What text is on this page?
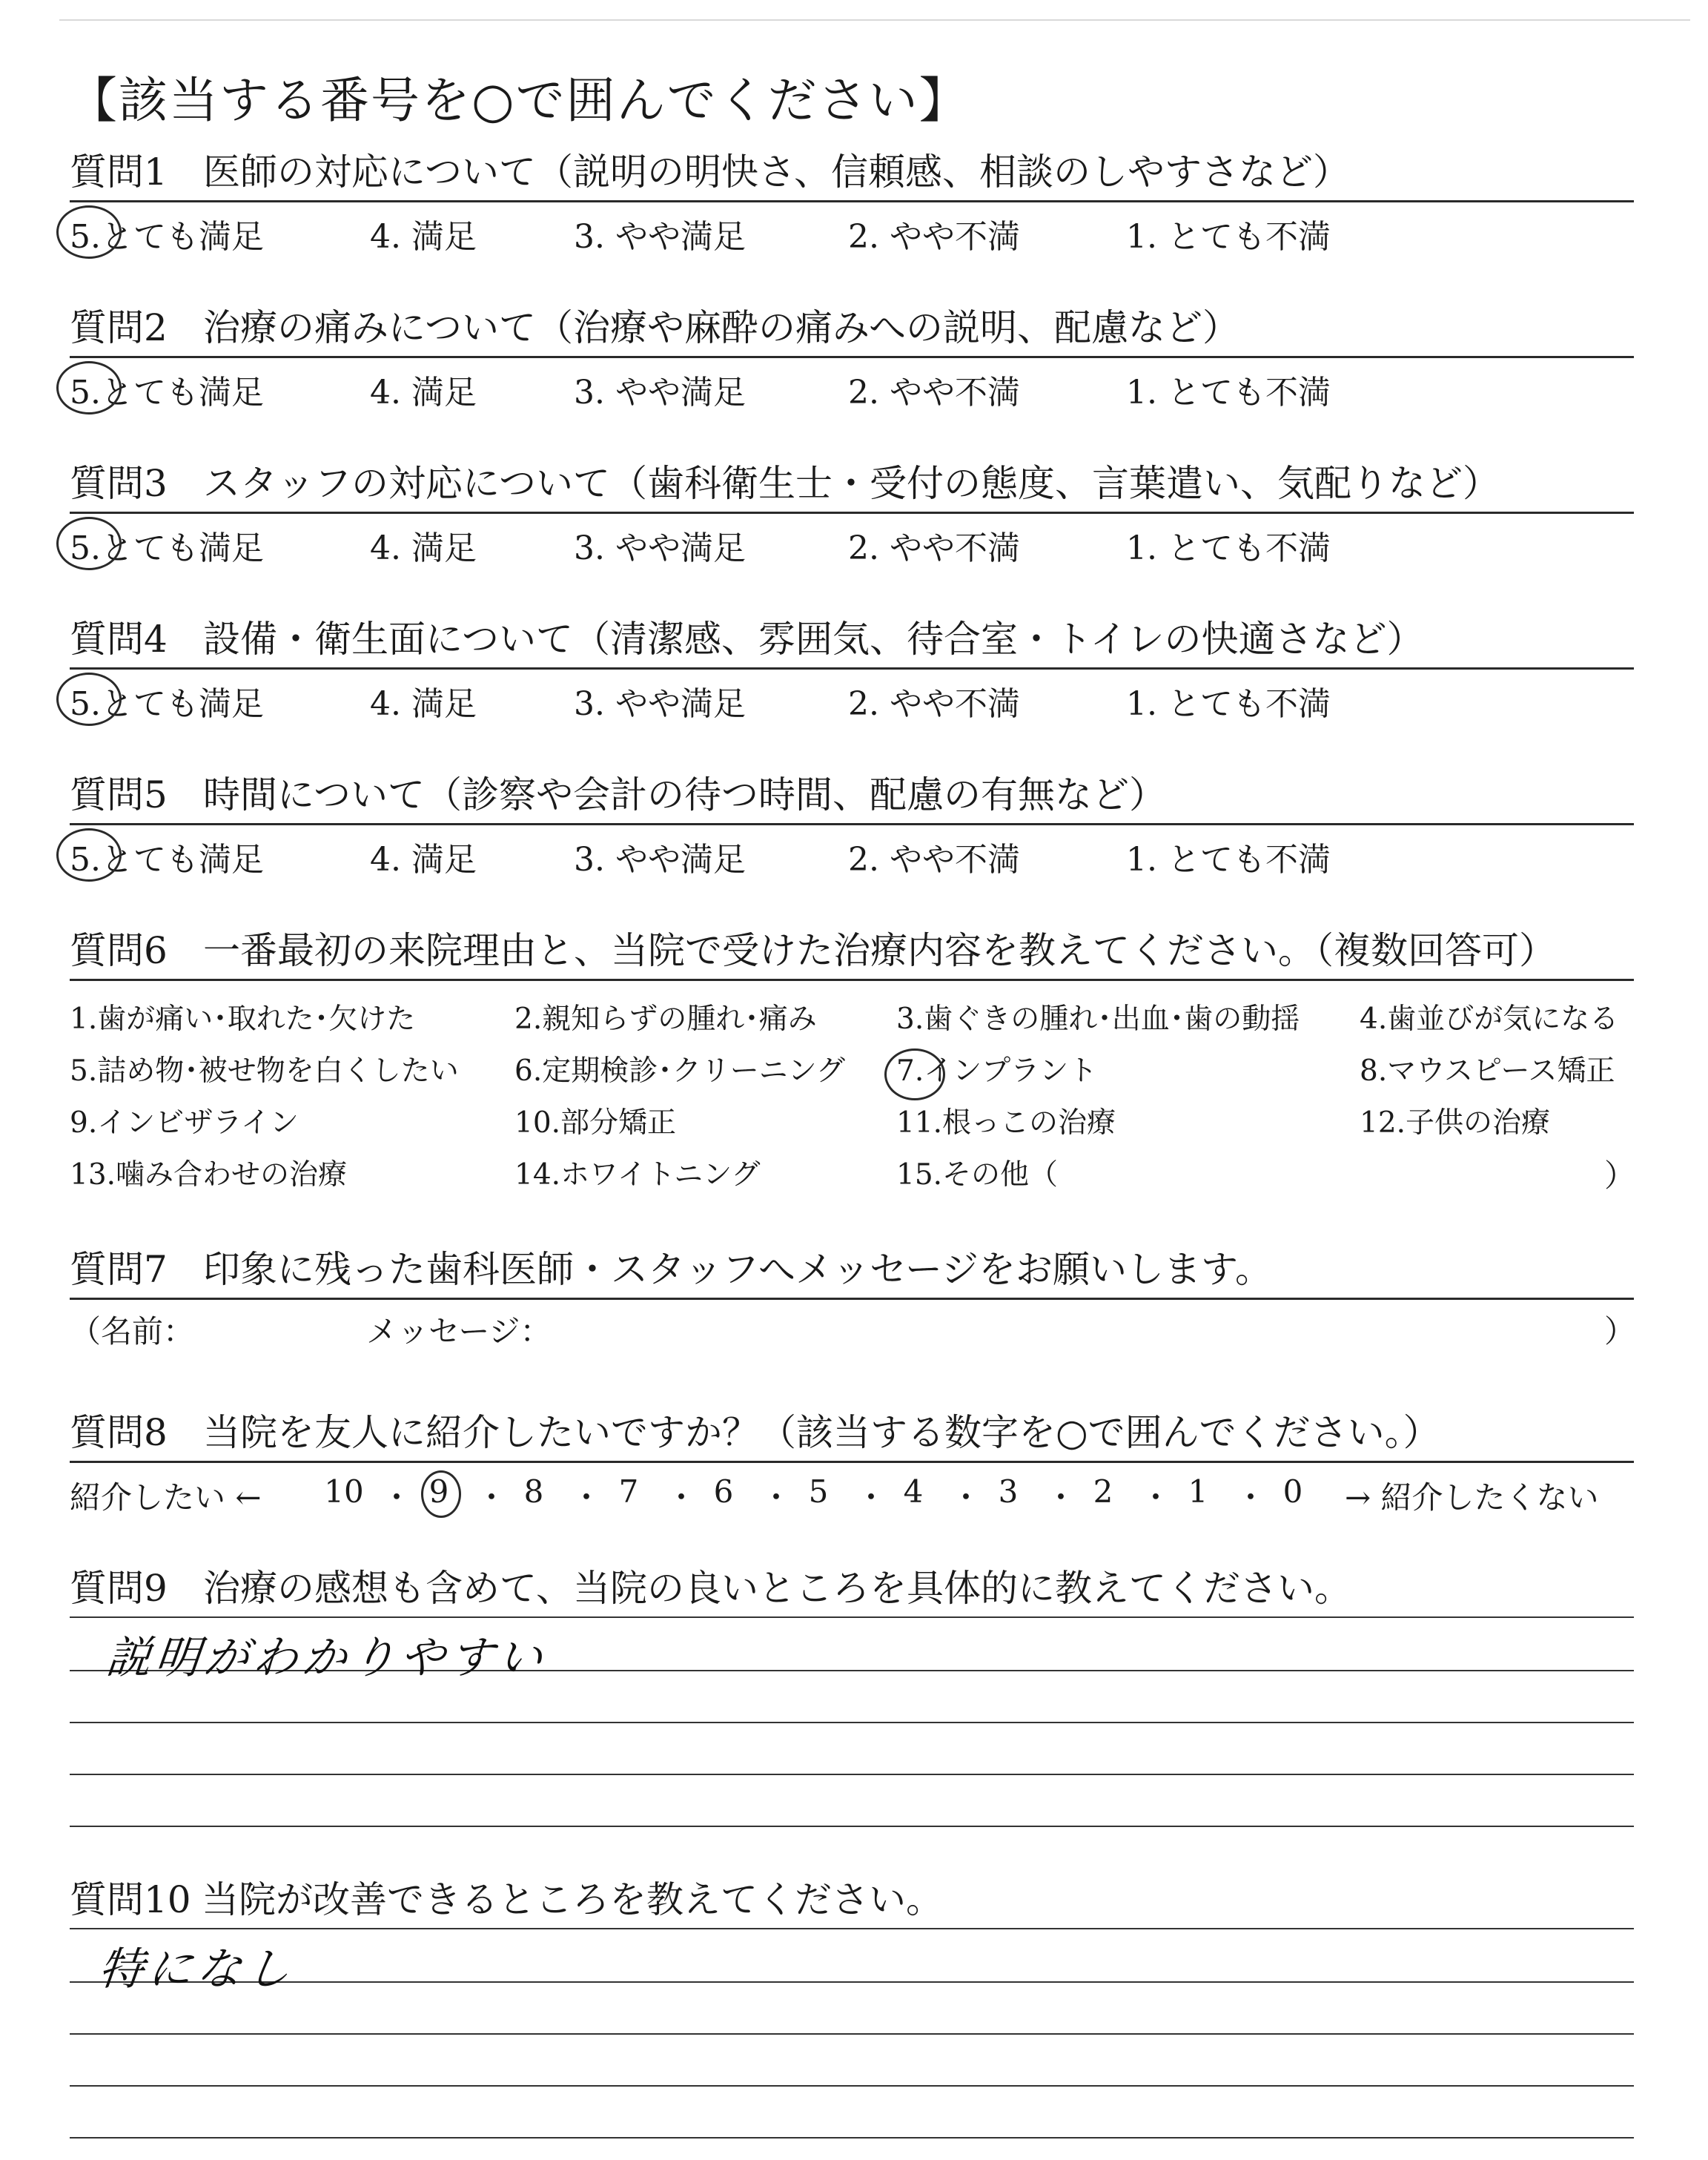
【該当する番号を○で囲んでください】
質問1 医師の対応について（説明の明快さ、信頼感、相談のしやすさなど）
5.とても満足	4. 満足	3. やや満足	2. やや不満	1. とても不満
質問2 治療の痛みについて（治療や麻酔の痛みへの説明、配慮など）
5.とても満足	4. 満足	3. やや満足	2. やや不満	1. とても不満
質問3 スタッフの対応について（歯科衛生士・受付の態度、言葉遣い、気配りなど）
5.とても満足	4. 満足	3. やや満足	2. やや不満	1. とても不満
質問4 設備・衛生面について（清潔感、雰囲気、待合室・トイレの快適さなど）
5.とても満足	4. 満足	3. やや満足	2. やや不満	1. とても不満
質問5 時間について（診察や会計の待つ時間、配慮の有無など）
5.とても満足	4. 満足	3. やや満足	2. やや不満	1. とても不満
質問6 一番最初の来院理由と、当院で受けた治療内容を教えてください。（複数回答可）
1.歯が痛い･取れた･欠けた	2.親知らずの腫れ･痛み	3.歯ぐきの腫れ･出血･歯の動揺 4.歯並びが気になる
5.詰め物･被せ物を白くしたい 6.定期検診･クリーニング 7.インプラント	8.マウスピース矯正
9.インビザライン	10.部分矯正	11.根っこの治療	12.子供の治療
13.噛み合わせの治療	14.ホワイトニング	15.その他（	）
質問7 印象に残った歯科医師・スタッフへメッセージをお願いします。
（名前：	メッセージ：	）
質問8 当院を友人に紹介したいですか？（該当する数字を○で囲んでください。）
紹介したい ←	→ 紹介したくない
10 ・ 9 ・ 8 ・ 7 ・ 6 ・ 5 ・ 4 ・ 3 ・ 2 ・ 1 ・ 0
質問9 治療の感想も含めて、当院の良いところを具体的に教えてください。
説明がわかりやすい
質問10 当院が改善できるところを教えてください。
特になし
